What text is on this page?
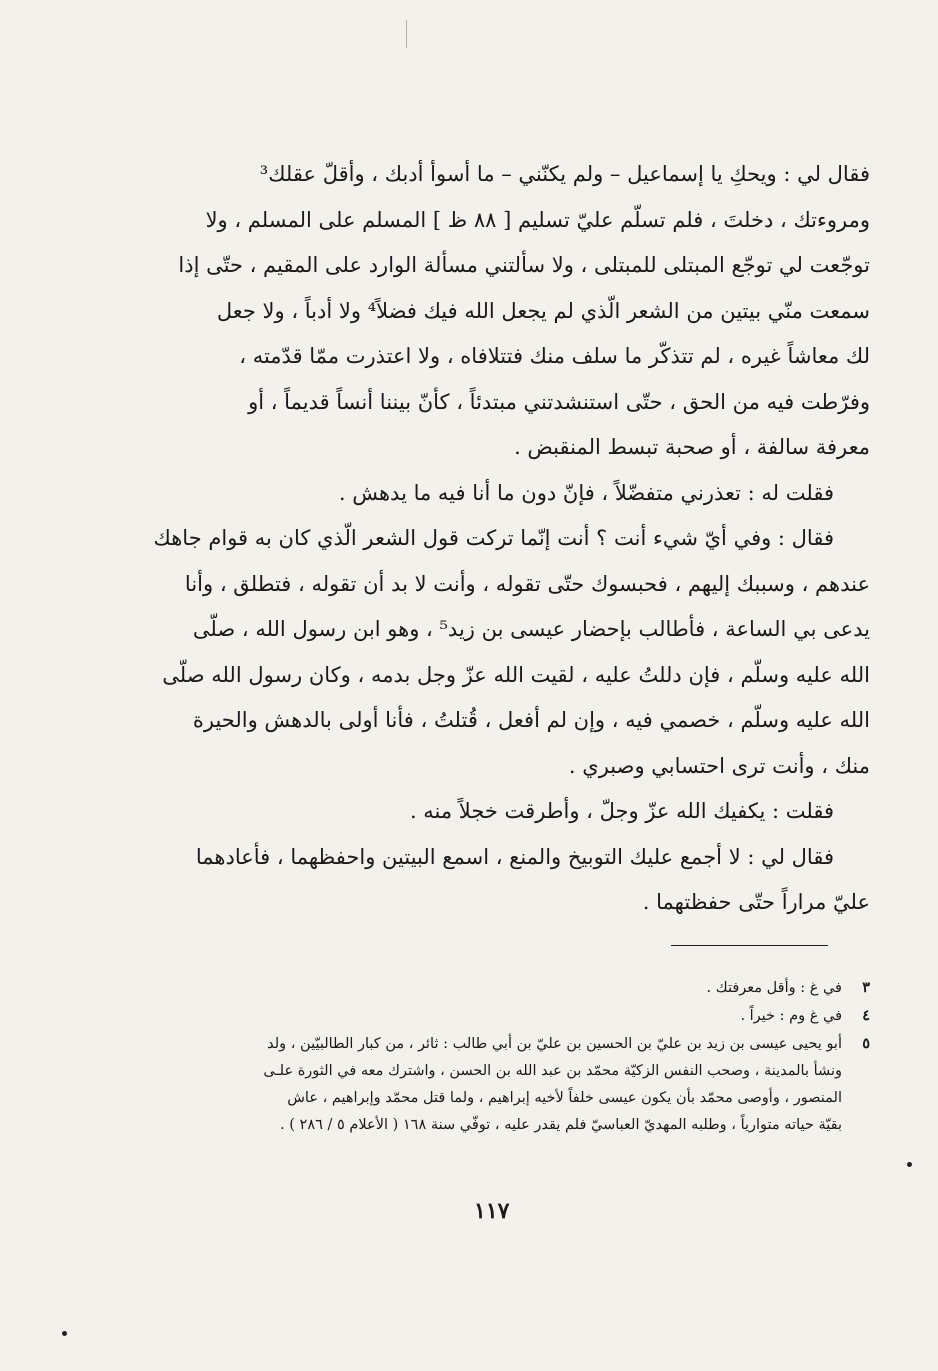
فقال لي : ويحكِ يا إسماعيل – ولم يكنّني – ما أسوأ أدبك ، وأقلّ عقلك³
ومروءتك ، دخلتَ ، فلم تسلّم عليّ تسليم [ ٨٨ ظ ] المسلم على المسلم ، ولا
توجّعت لي توجّع المبتلى للمبتلى ، ولا سألتني مسألة الوارد على المقيم ، حتّى إذا
سمعت منّي بيتين من الشعر الّذي لم يجعل الله فيك فضلاً⁴ ولا أدباً ، ولا جعل
لك معاشاً غيره ، لم تتذكّر ما سلف منك فتتلافاه ، ولا اعتذرت ممّا قدّمته ،
وفرّطت فيه من الحق ، حتّى استنشدتني مبتدئاً ، كأنّ بيننا أنساً قديماً ، أو
معرفة سالفة ، أو صحبة تبسط المنقبض .
فقلت له : تعذرني متفضّلاً ، فإنّ دون ما أنا فيه ما يدهش .
فقال : وفي أيّ شيء أنت ؟ أنت إنّما تركت قول الشعر الّذي كان به قوام جاهك
عندهم ، وسببك إليهم ، فحبسوك حتّى تقوله ، وأنت لا بد أن تقوله ، فتطلق ، وأنا
يدعى بي الساعة ، فأطالب بإحضار عيسى بن زيد⁵ ، وهو ابن رسول الله ، صلّى
الله عليه وسلّم ، فإن دللتُ عليه ، لقيت الله عزّ وجل بدمه ، وكان رسول الله صلّى
الله عليه وسلّم ، خصمي فيه ، وإن لم أفعل ، قُتلتُ ، فأنا أولى بالدهش والحيرة
منك ، وأنت ترى احتسابي وصبري .
فقلت : يكفيك الله عزّ وجلّ ، وأطرقت خجلاً منه .
فقال لي : لا أجمع عليك التوبيخ والمنع ، اسمع البيتين واحفظهما ، فأعادهما
عليّ مراراً حتّى حفظتهما .
٣في غ : وأقل معرفتك .
٤في غ وم : خيراً .
٥أبو يحيى عيسى بن زيد بن عليّ بن الحسين بن عليّ بن أبي طالب : ثائر ، من كبار الطالبيّين ، ولد
ونشأ بالمدينة ، وصحب النفس الزكيّة محمّد بن عبد الله بن الحسن ، واشترك معه في الثورة علـى
المنصور ، وأوصى محمّد بأن يكون عيسى خلفاً لأخيه إبراهيم ، ولما قتل محمّد وإبراهيم ، عاش
بقيّة حياته متوارياً ، وطلبه المهديّ العباسيّ فلم يقدر عليه ، توفّي سنة ١٦٨ ( الأعلام ٥ / ٢٨٦ ) .
١١٧
